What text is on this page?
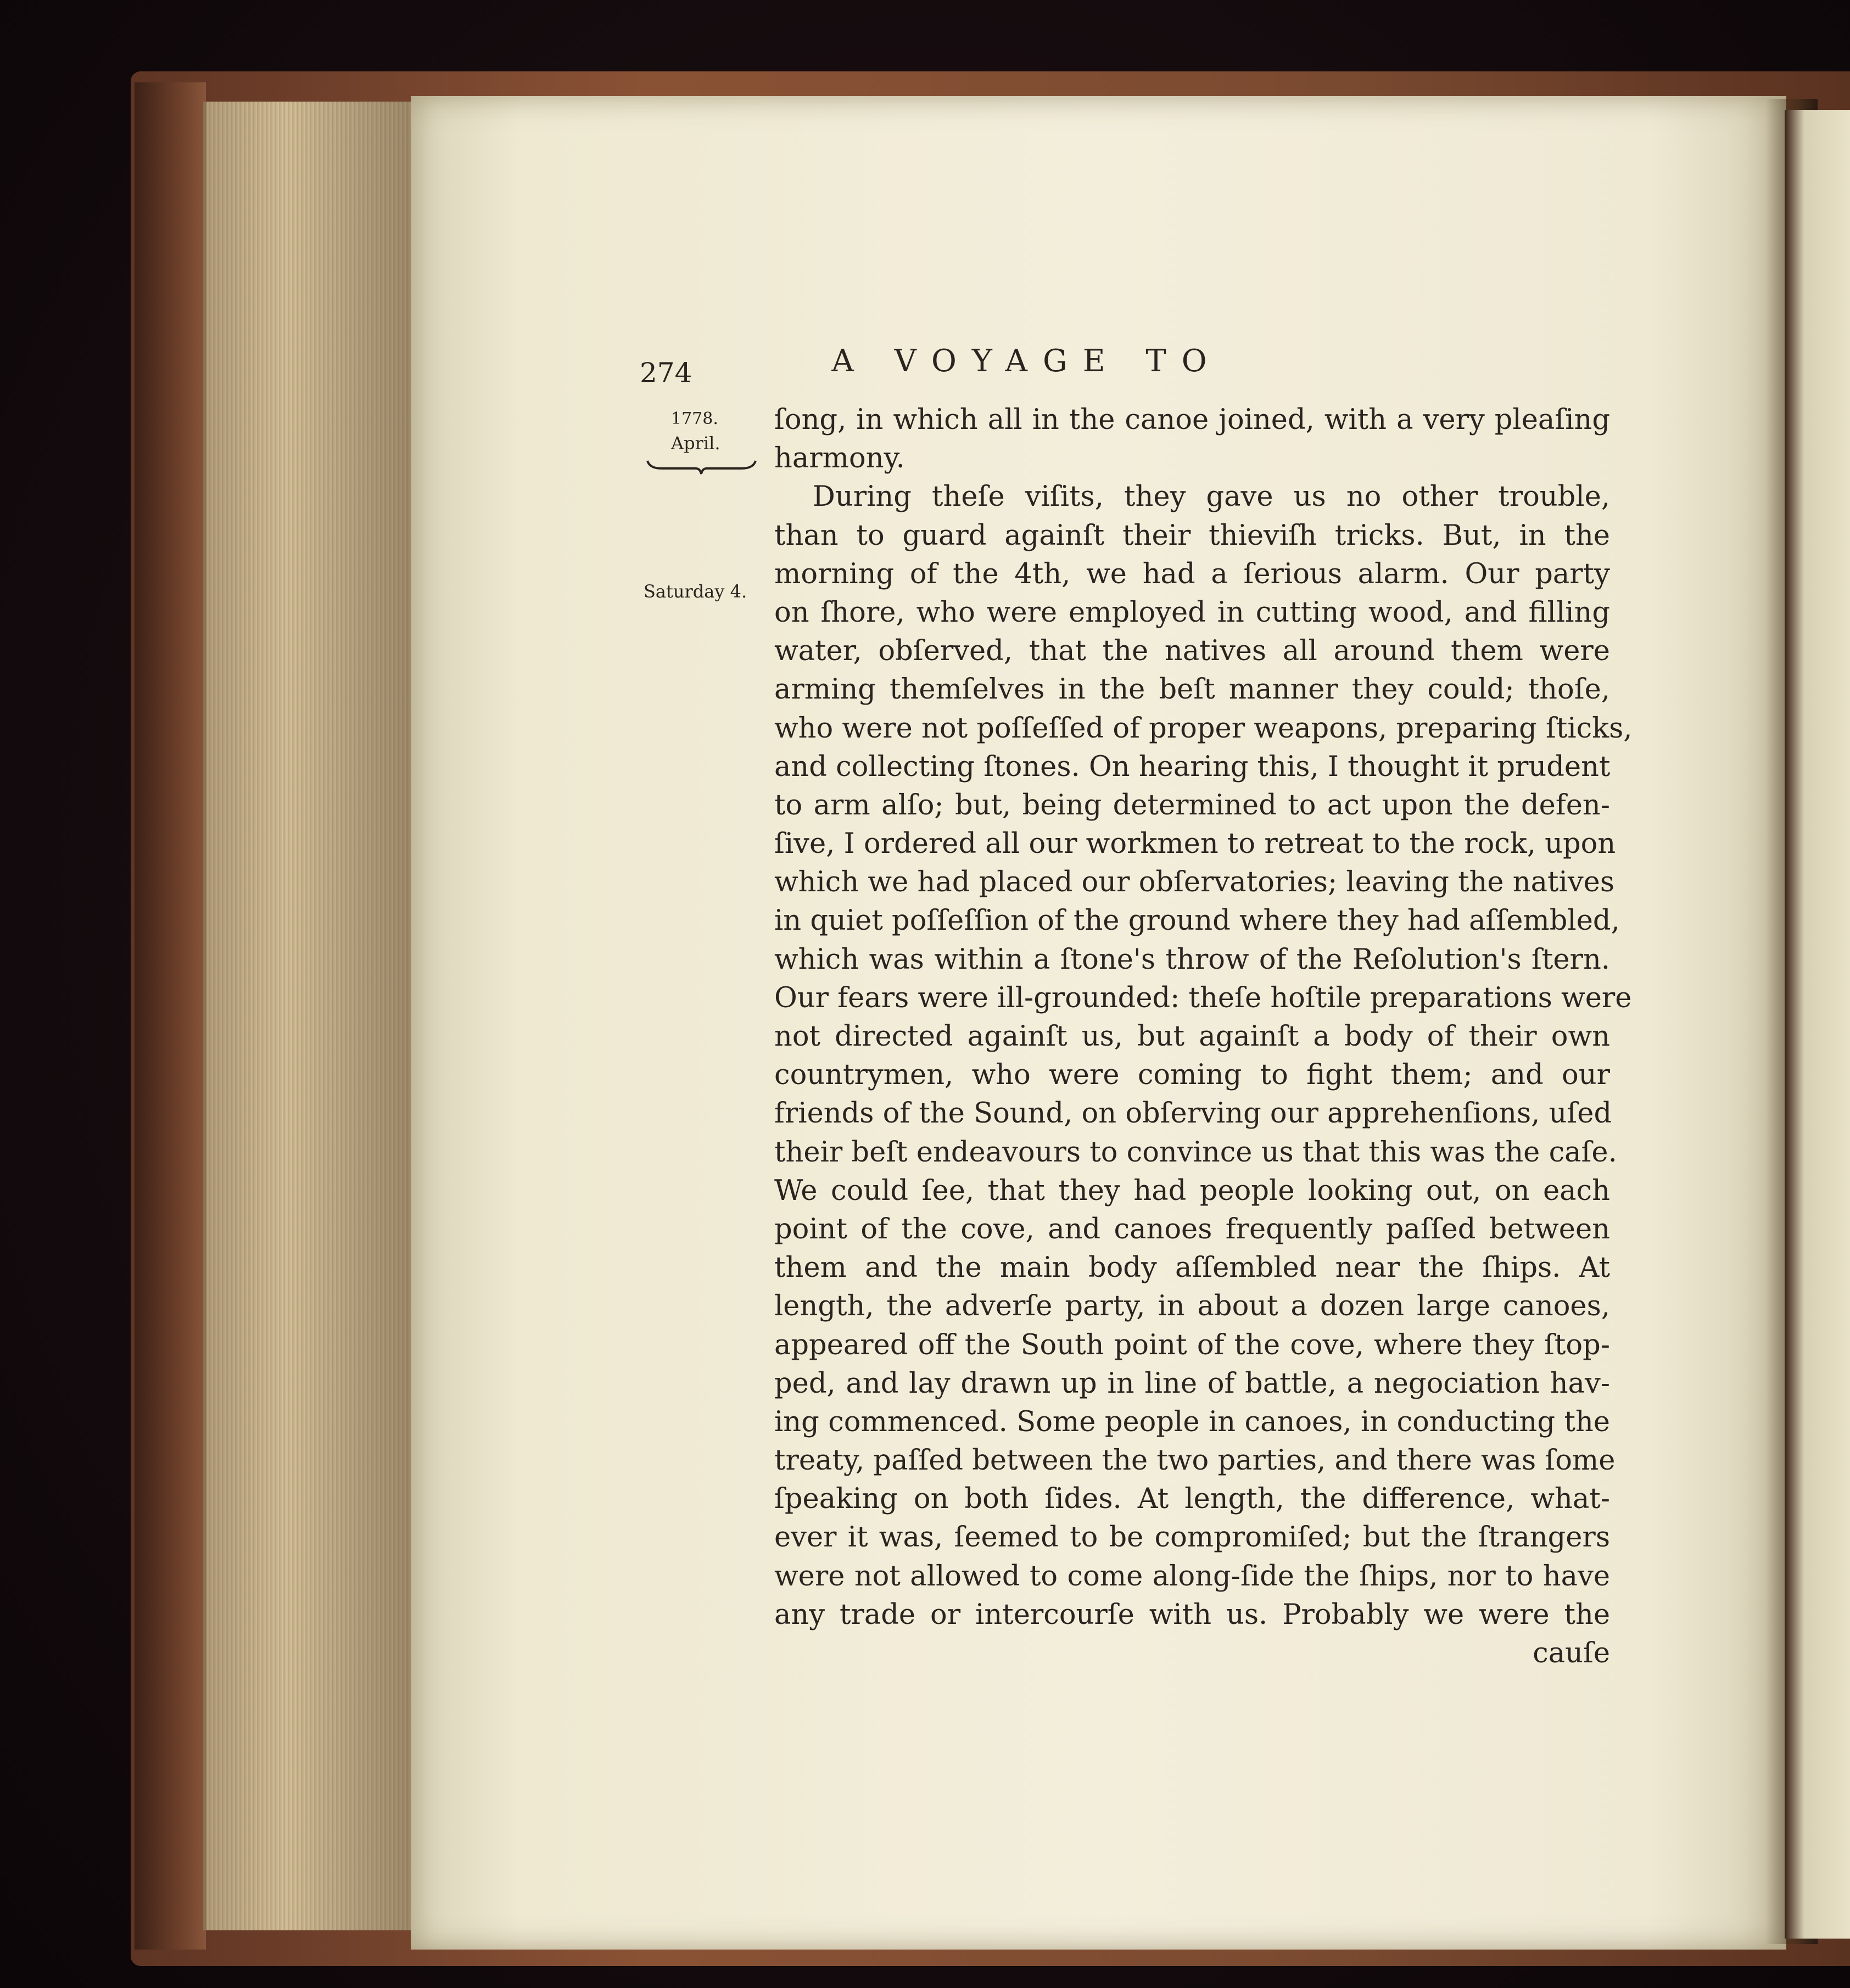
274	A VOYAGE TO
1778.
April.
Saturday 4.
ſong, in which all in the canoe joined, with a very pleaſing
harmony.
During theſe viſits, they gave us no other trouble,
than to guard againſt their thieviſh tricks. But, in the
morning of the 4th, we had a ſerious alarm. Our party
on ſhore, who were employed in cutting wood, and filling
water, obſerved, that the natives all around them were
arming themſelves in the beſt manner they could; thoſe,
who were not poſſeſſed of proper weapons, preparing ſticks,
and collecting ſtones. On hearing this, I thought it prudent
to arm alſo; but, being determined to act upon the defen-
ſive, I ordered all our workmen to retreat to the rock, upon
which we had placed our obſervatories; leaving the natives
in quiet poſſeſſion of the ground where they had aſſembled,
which was within a ſtone's throw of the Reſolution's ſtern.
Our fears were ill-grounded: theſe hoſtile preparations were
not directed againſt us, but againſt a body of their own
countrymen, who were coming to fight them; and our
friends of the Sound, on obſerving our apprehenſions, uſed
their beſt endeavours to convince us that this was the caſe.
We could ſee, that they had people looking out, on each
point of the cove, and canoes frequently paſſed between
them and the main body aſſembled near the ſhips. At
length, the adverſe party, in about a dozen large canoes,
appeared off the South point of the cove, where they ſtop-
ped, and lay drawn up in line of battle, a negociation hav-
ing commenced. Some people in canoes, in conducting the
treaty, paſſed between the two parties, and there was ſome
ſpeaking on both ſides. At length, the difference, what-
ever it was, ſeemed to be compromiſed; but the ſtrangers
were not allowed to come along-ſide the ſhips, nor to have
any trade or intercourſe with us. Probably we were the
cauſe
